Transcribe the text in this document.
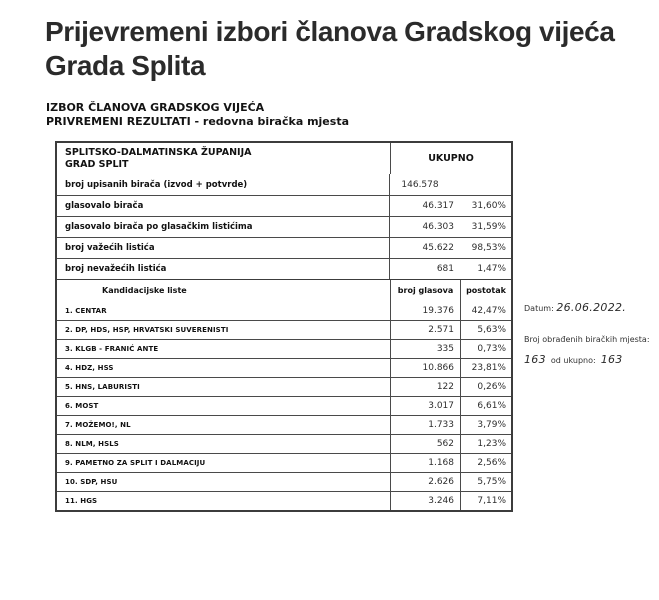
Prijevremeni izbori članova Gradskog vijeća
Grada Splita
IZBOR ČLANOVA GRADSKOG VIJEĆA
PRIVREMENI REZULTATI - redovna biračka mjesta
SPLITSKO-DALMATINSKA ŽUPANIJA
GRAD SPLIT	UKUPNO
broj upisanih birača (izvod + potvrde)	146.578
glasovalo birača	46.317	31,60%
glasovalo birača po glasačkim listićima	46.303	31,59%
broj važećih listića	45.622	98,53%
broj nevažećih listića	681	1,47%
Kandidacijske liste	broj glasova	postotak
1. CENTAR	19.376	42,47%
2. DP, HDS, HSP, HRVATSKI SUVERENISTI	2.571	5,63%
3. KLGB - FRANIĆ ANTE	335	0,73%
4. HDZ, HSS	10.866	23,81%
5. HNS, LABURISTI	122	0,26%
6. MOST	3.017	6,61%
7. MOŽEMO!, NL	1.733	3,79%
8. NLM, HSLS	562	1,23%
9. PAMETNO ZA SPLIT I DALMACIJU	1.168	2,56%
10. SDP, HSU	2.626	5,75%
11. HGS	3.246	7,11%
Datum: 26.06.2022.
Broj obrađenih biračkih mjesta:
163 od ukupno: 163
